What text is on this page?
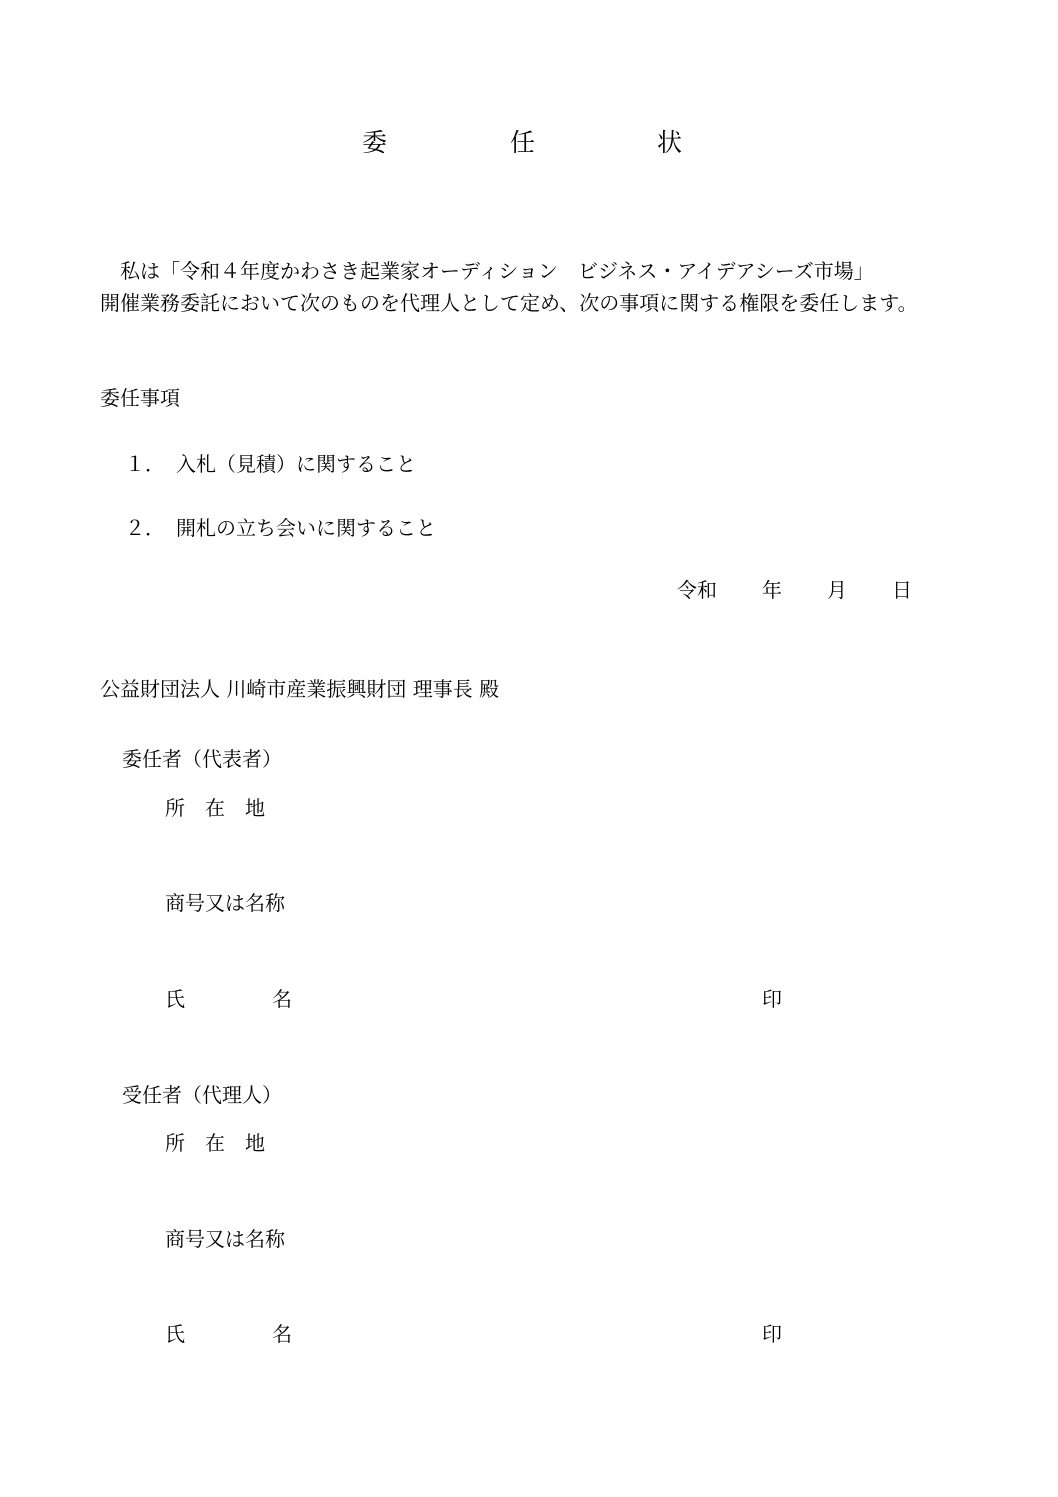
委	任	状

私は「令和４年度かわさき起業家オーディション　ビジネス・アイデアシーズ市場」

開催業務委託において次のものを代理人として定め、次の事項に関する権限を委任します。

委任事項

１． 入札（見積）に関すること

２． 開札の立ち会いに関すること

令和 年 月 日

公益財団法人 川崎市産業振興財団 理事長 殿

委任者（代表者）

所　在　地

商号又は名称

氏	名	印

受任者（代理人）

所　在　地

商号又は名称

氏	名	印
